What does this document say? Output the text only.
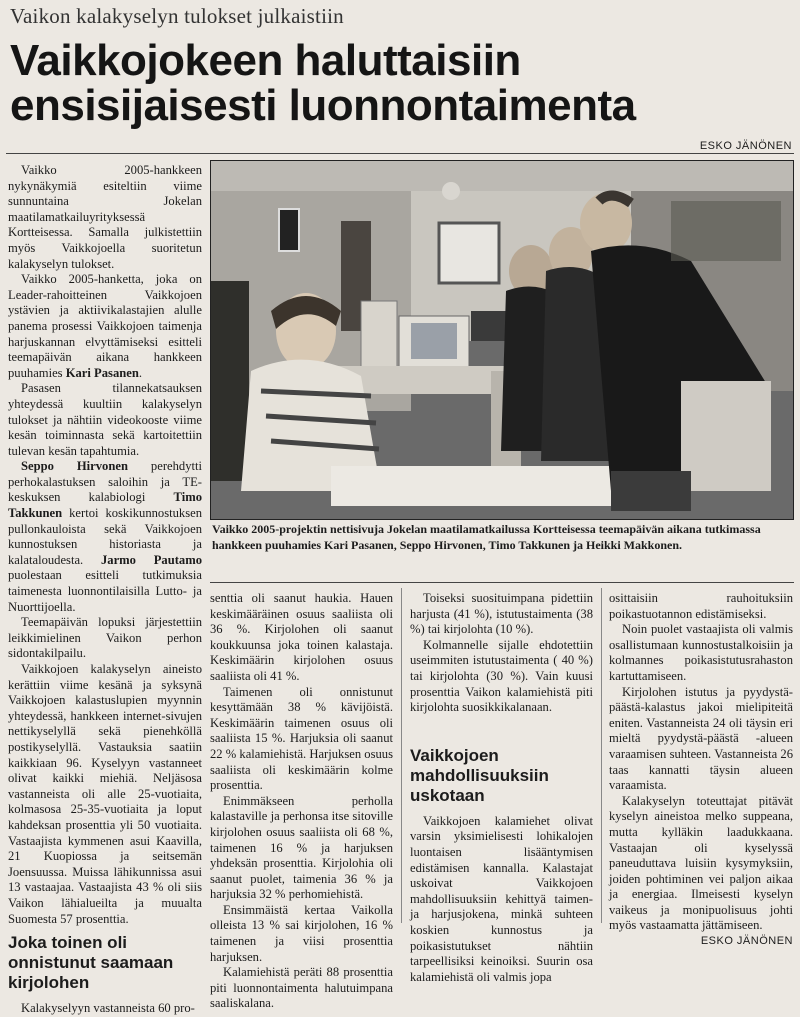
Vaikon kalakyselyn tulokset julkaistiin
Vaikkojokeen haluttaisiin ensisijaisesti luonnontaimenta
ESKO JÄNÖNEN

Vaikko 2005-hankkeen nykynäkymiä esiteltiin viime sunnuntaina Jokelan maatilamatkailuyrityksessä Kortteisessa. Samalla julkistettiin myös Vaikkojoella suoritetun kalakyselyn tulokset.

Vaikko 2005-hanketta, joka on Leader-rahoitteinen Vaikkojoen ystävien ja aktiivikalastajien alulle panema prosessi Vaikkojoen taimenja harjuskannan elvyttämiseksi esitteli teemapäivän aikana hankkeen puuhamies Kari Pasanen.

Pasasen tilannekatsauksen yhteydessä kuultiin kalakyselyn tulokset ja nähtiin videokooste viime kesän toiminnasta sekä kartoitettiin tulevan kesän tapahtumia.

Seppo Hirvonen perehdytti perhokalastuksen saloihin ja TE-keskuksen kalabiologi Timo Takkunen kertoi koskikunnostuksen pullonkauloista sekä Vaikkojoen kunnostuksen historiasta ja kalataloudesta. Jarmo Pautamo puolestaan esitteli tutkimuksia taimenesta luonnontilaisilla Lutto- ja Nuorttijoella.

Teemapäivän lopuksi järjestettiin leikkimielinen Vaikon perhon sidontakilpailu.

Vaikkojoen kalakyselyn aineisto kerättiin viime kesänä ja syksynä Vaikkojoen kalastuslupien myynnin yhteydessä, hankkeen internet-sivujen nettikyselyllä sekä pienehköllä postikyselyllä. Vastauksia saatiin kaikkiaan 96. Kyselyyn vastanneet olivat kaikki miehiä. Neljäsosa vastanneista oli alle 25-vuotiaita, kolmasosa 25-35-vuotiaita ja loput kahdeksan prosenttia yli 50 vuotiaita. Vastaajista kymmenen asui Kaavilla, 21 Kuopiossa ja seitsemän Joensuussa. Muissa lähikunnissa asui 13 vastaajaa. Vastaajista 43 % oli siis Vaikon lähialueilta ja muualta Suomesta 57 prosenttia.

Joka toinen oli onnistunut saamaan kirjolohen

Kalakyselyyn vastanneista 60 pro-

Vaikko 2005-projektin nettisivuja Jokelan maatilamatkailussa Kortteisessa teemapäivän aikana tutkimassa hankkeen puuhamies Kari Pasanen, Seppo Hirvonen, Timo Takkunen ja Heikki Makkonen.

senttia oli saanut haukia. Hauen keskimääräinen osuus saaliista oli 36 %. Kirjolohen oli saanut koukkuunsa joka toinen kalastaja. Keskimäärin kirjolohen osuus saaliista oli 41 %.

Taimenen oli onnistunut kesyttämään 38 % kävijöistä. Keskimäärin taimenen osuus oli saaliista 15 %. Harjuksia oli saanut 22 % kalamiehistä. Harjuksen osuus saaliista oli keskimäärin kolme prosenttia.

Enimmäkseen perholla kalastaville ja perhonsa itse sitoville kirjolohen osuus saaliista oli 68 %, taimenen 16 % ja harjuksen yhdeksän prosenttia. Kirjolohia oli saanut puolet, taimenia 36 % ja harjuksia 32 % perhomiehistä.

Ensimmäistä kertaa Vaikolla olleista 13 % sai kirjolohen, 16 % taimenen ja viisi prosenttia harjuksen.

Kalamiehistä peräti 88 prosenttia piti luonnontaimenta halutuimpana saaliskalana.

Toiseksi suosituimpana pidettiin harjusta (41 %), istutustaimenta (38 %) tai kirjolohta (10 %).

Kolmannelle sijalle ehdotettiin useimmiten istutustaimenta ( 40 %) tai kirjolohta (30 %). Vain kuusi prosenttia Vaikon kalamiehistä piti kirjolohta suosikkikalanaan.

Vaikkojoen mahdollisuuksiin uskotaan

Vaikkojoen kalamiehet olivat varsin yksimielisesti lohikalojen luontaisen lisääntymisen edistämisen kannalla. Kalastajat uskoivat Vaikkojoen mahdollisuuksiin kehittyä taimen- ja harjusjokena, minkä suhteen koskien kunnostus ja poikasistutukset nähtiin tarpeellisiksi keinoiksi. Suurin osa kalamiehistä oli valmis jopa

osittaisiin rauhoituksiin poikastuotannon edistämiseksi.

Noin puolet vastaajista oli valmis osallistumaan kunnostustalkoisiin ja kolmannes poikasistutusrahaston kartuttamiseen.

Kirjolohen istutus ja pyydystä-päästä-kalastus jakoi mielipiteitä eniten. Vastanneista 24 oli täysin eri mieltä pyydystä-päästä -alueen varaamisen suhteen. Vastanneista 26 taas kannatti täysin alueen varaamista.

Kalakyselyn toteuttajat pitävät kyselyn aineistoa melko suppeana, mutta kylläkin laadukkaana. Vastaajan oli kyselyssä paneuduttava luisiin kysymyksiin, joiden pohtiminen vei paljon aikaa ja energiaa. Ilmeisesti kyselyn vaikeus ja monipuolisuus johti myös vastaamatta jättämiseen.

ESKO JÄNÖNEN
